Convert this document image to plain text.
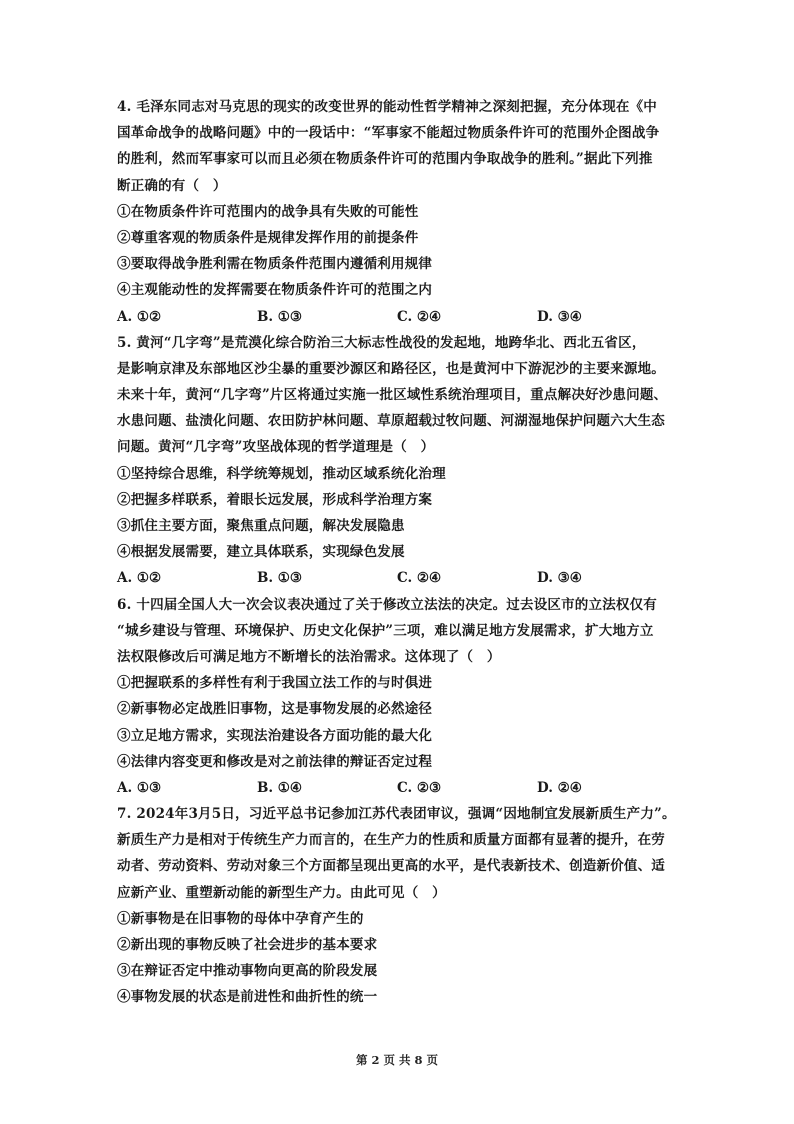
4. 毛泽东同志对马克思的现实的改变世界的能动性哲学精神之深刻把握，充分体现在《中
国革命战争的战略问题》中的一段话中：“军事家不能超过物质条件许可的范围外企图战争
的胜利，然而军事家可以而且必须在物质条件许可的范围内争取战争的胜利。”据此下列推
断正确的有（　）
①在物质条件许可范围内的战争具有失败的可能性
②尊重客观的物质条件是规律发挥作用的前提条件
③要取得战争胜利需在物质条件范围内遵循利用规律
④主观能动性的发挥需要在物质条件许可的范围之内
A. ①②	B. ①③	C. ②④	D. ③④
5. 黄河“几字弯”是荒漠化综合防治三大标志性战役的发起地，地跨华北、西北五省区，
是影响京津及东部地区沙尘暴的重要沙源区和路径区，也是黄河中下游泥沙的主要来源地。
未来十年，黄河“几字弯”片区将通过实施一批区域性系统治理项目，重点解决好沙患问题、
水患问题、盐渍化问题、农田防护林问题、草原超载过牧问题、河湖湿地保护问题六大生态
问题。黄河“几字弯”攻坚战体现的哲学道理是（　）
①坚持综合思维，科学统筹规划，推动区域系统化治理
②把握多样联系，着眼长远发展，形成科学治理方案
③抓住主要方面，聚焦重点问题，解决发展隐患
④根据发展需要，建立具体联系，实现绿色发展
A. ①②	B. ①③	C. ②④	D. ③④
6. 十四届全国人大一次会议表决通过了关于修改立法法的决定。过去设区市的立法权仅有
“城乡建设与管理、环境保护、历史文化保护”三项，难以满足地方发展需求，扩大地方立
法权限修改后可满足地方不断增长的法治需求。这体现了（　）
①把握联系的多样性有利于我国立法工作的与时俱进
②新事物必定战胜旧事物，这是事物发展的必然途径
③立足地方需求，实现法治建设各方面功能的最大化
④法律内容变更和修改是对之前法律的辩证否定过程
A. ①③	B. ①④	C. ②③	D. ②④
7. 2024年3月5日，习近平总书记参加江苏代表团审议，强调“因地制宜发展新质生产力”。
新质生产力是相对于传统生产力而言的，在生产力的性质和质量方面都有显著的提升，在劳
动者、劳动资料、劳动对象三个方面都呈现出更高的水平，是代表新技术、创造新价值、适
应新产业、重塑新动能的新型生产力。由此可见（　）
①新事物是在旧事物的母体中孕育产生的
②新出现的事物反映了社会进步的基本要求
③在辩证否定中推动事物向更高的阶段发展
④事物发展的状态是前进性和曲折性的统一
第 2 页 共 8 页
